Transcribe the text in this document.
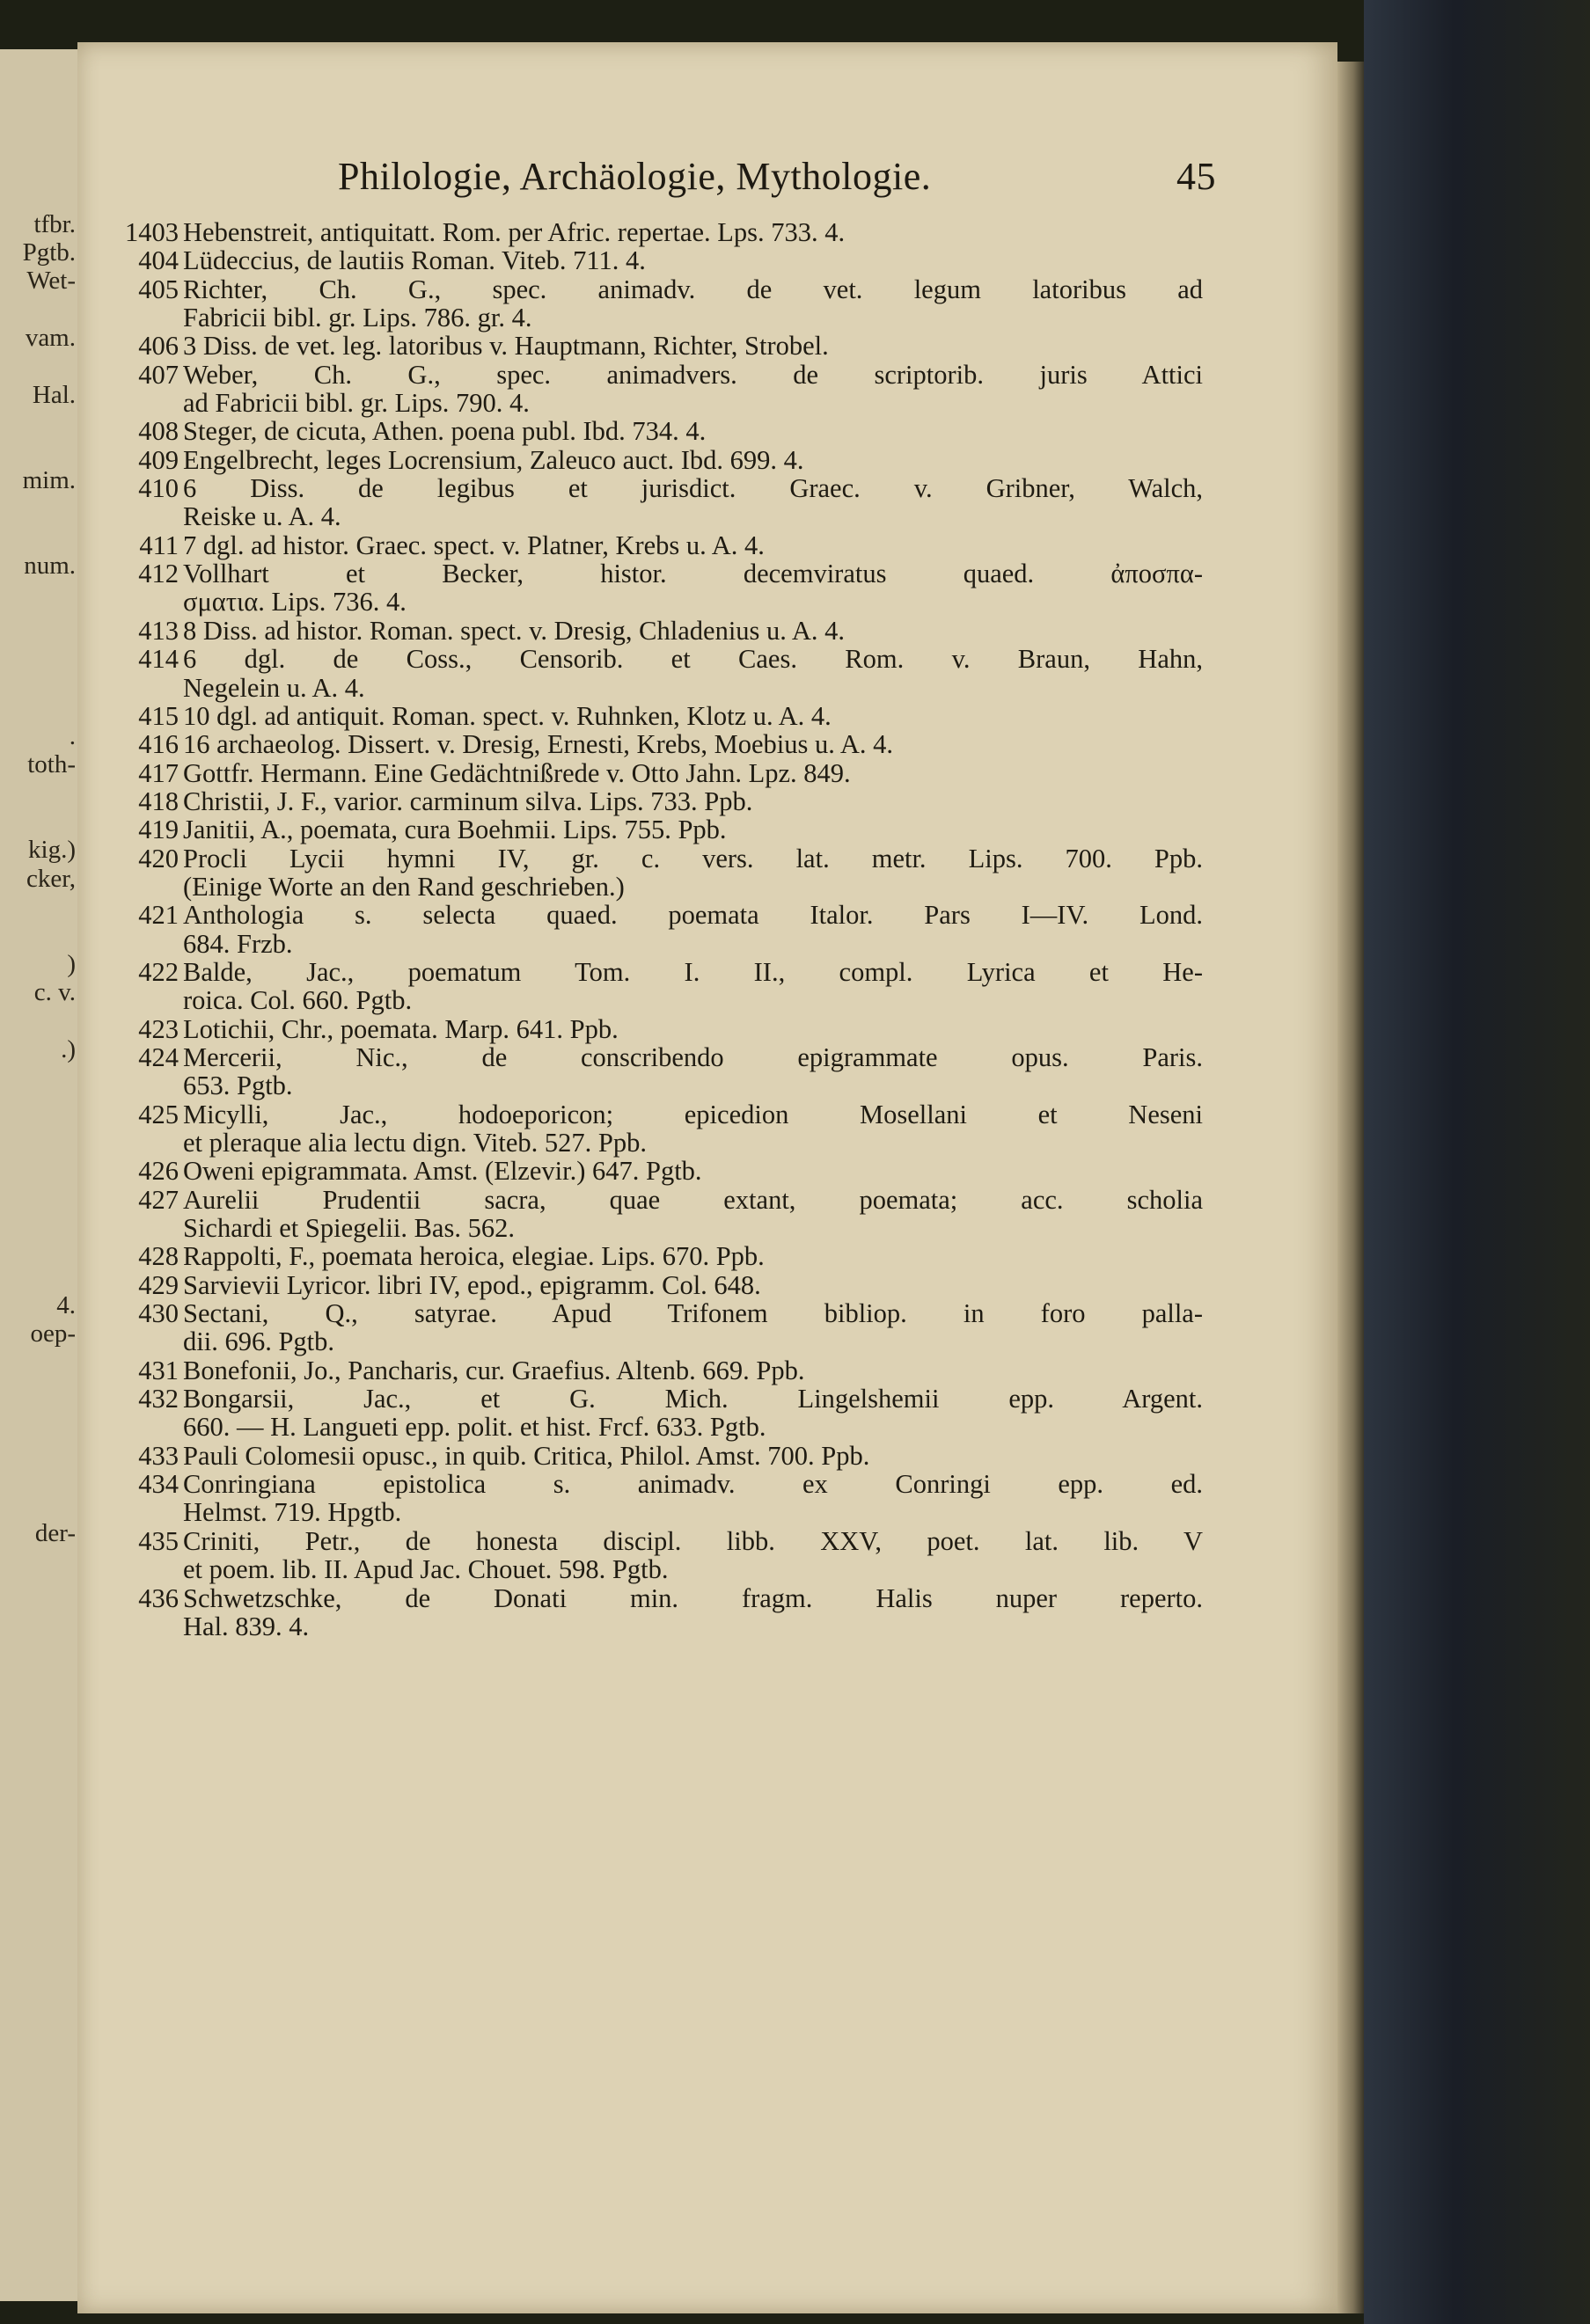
tfbr.
Pgtb.
Wet-
vam.
Hal.
mim.
num.
.
toth-
kig.)
cker,
)
c. v.
.)
4.
oep-
der-
Philologie, Archäologie, Mythologie.	45
1403 Hebenstreit, antiquitatt. Rom. per Afric. repertae. Lps. 733. 4.
404 Lüdeccius, de lautiis Roman. Viteb. 711. 4.
405 Richter, Ch. G., spec. animadv. de vet. legum latoribus ad
Fabricii bibl. gr. Lips. 786. gr. 4.
406 3 Diss. de vet. leg. latoribus v. Hauptmann, Richter, Strobel.
407 Weber, Ch. G., spec. animadvers. de scriptorib. juris Attici
ad Fabricii bibl. gr. Lips. 790. 4.
408 Steger, de cicuta, Athen. poena publ. Ibd. 734. 4.
409 Engelbrecht, leges Locrensium, Zaleuco auct. Ibd. 699. 4.
410 6 Diss. de legibus et jurisdict. Graec. v. Gribner, Walch,
Reiske u. A. 4.
411 7 dgl. ad histor. Graec. spect. v. Platner, Krebs u. A. 4.
412 Vollhart et Becker, histor. decemviratus quaed. ἀποσπα-
σματια. Lips. 736. 4.
413 8 Diss. ad histor. Roman. spect. v. Dresig, Chladenius u. A. 4.
414 6 dgl. de Coss., Censorib. et Caes. Rom. v. Braun, Hahn,
Negelein u. A. 4.
415 10 dgl. ad antiquit. Roman. spect. v. Ruhnken, Klotz u. A. 4.
416 16 archaeolog. Dissert. v. Dresig, Ernesti, Krebs, Moebius u. A. 4.
417 Gottfr. Hermann. Eine Gedächtnißrede v. Otto Jahn. Lpz. 849.
418 Christii, J. F., varior. carminum silva. Lips. 733. Ppb.
419 Janitii, A., poemata, cura Boehmii. Lips. 755. Ppb.
420 Procli Lycii hymni IV, gr. c. vers. lat. metr. Lips. 700. Ppb.
(Einige Worte an den Rand geschrieben.)
421 Anthologia s. selecta quaed. poemata Italor. Pars I—IV. Lond.
684. Frzb.
422 Balde, Jac., poematum Tom. I. II., compl. Lyrica et He-
roica. Col. 660. Pgtb.
423 Lotichii, Chr., poemata. Marp. 641. Ppb.
424 Mercerii, Nic., de conscribendo epigrammate opus. Paris.
653. Pgtb.
425 Micylli, Jac., hodoeporicon; epicedion Mosellani et Neseni
et pleraque alia lectu dign. Viteb. 527. Ppb.
426 Oweni epigrammata. Amst. (Elzevir.) 647. Pgtb.
427 Aurelii Prudentii sacra, quae extant, poemata; acc. scholia
Sichardi et Spiegelii. Bas. 562.
428 Rappolti, F., poemata heroica, elegiae. Lips. 670. Ppb.
429 Sarvievii Lyricor. libri IV, epod., epigramm. Col. 648.
430 Sectani, Q., satyrae. Apud Trifonem bibliop. in foro palla-
dii. 696. Pgtb.
431 Bonefonii, Jo., Pancharis, cur. Graefius. Altenb. 669. Ppb.
432 Bongarsii, Jac., et G. Mich. Lingelshemii epp. Argent.
660. — H. Langueti epp. polit. et hist. Frcf. 633. Pgtb.
433 Pauli Colomesii opusc., in quib. Critica, Philol. Amst. 700. Ppb.
434 Conringiana epistolica s. animadv. ex Conringi epp. ed.
Helmst. 719. Hpgtb.
435 Criniti, Petr., de honesta discipl. libb. XXV, poet. lat. lib. V
et poem. lib. II. Apud Jac. Chouet. 598. Pgtb.
436 Schwetzschke, de Donati min. fragm. Halis nuper reperto.
Hal. 839. 4.
